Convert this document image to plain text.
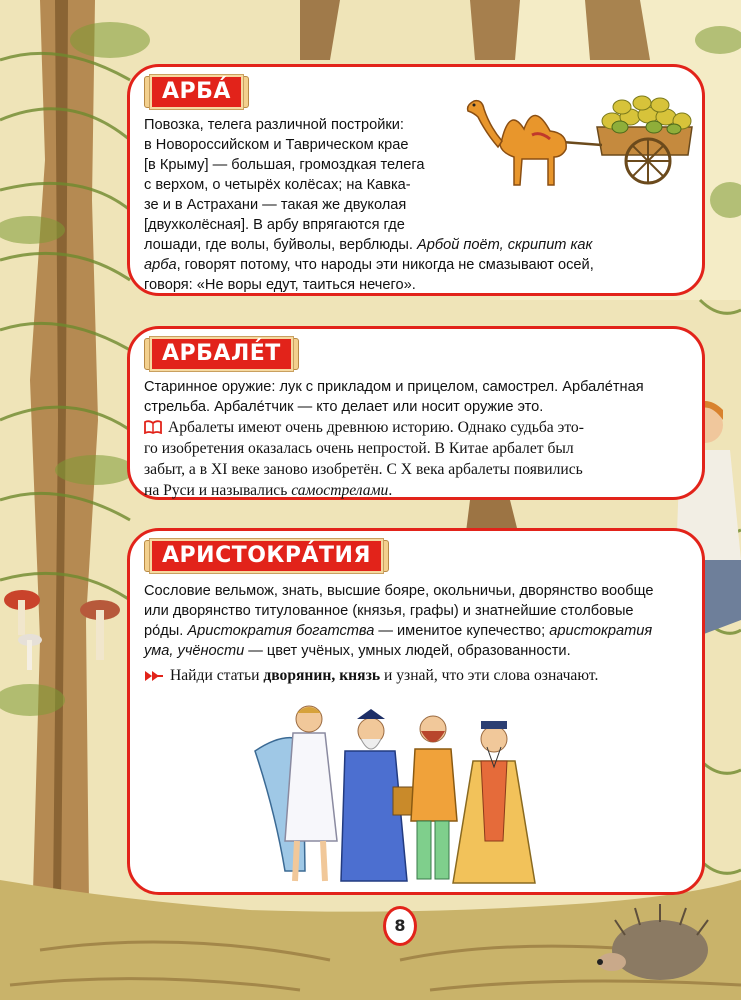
АРБА́
Повозка, телега различной постройки:
в Новороссийском и Таврическом крае
[в Крыму] — большая, громоздкая телега
с верхом, о четырёх колёсах; на Кавка-
зе и в Астрахани — такая же двуколая
[двухколёсная]. В арбу впрягаются где
лошади, где волы, буйволы, верблюды. Арбой поёт, скрипит как
арба, говорят потому, что народы эти никогда не смазывают осей,
говоря: «Не воры едут, таиться нечего».
АРБАЛЕ́Т
Старинное оружие: лук с прикладом и прицелом, самострел. Арбале́тная
стрельба. Арбале́тчик — кто делает или носит оружие это.
Арбалеты имеют очень древнюю историю. Однако судьба это-
го изобретения оказалась очень непростой. В Китае арбалет был
забыт, а в XI веке заново изобретён. С X века арбалеты появились
на Руси и назывались самострелами.
АРИСТОКРА́ТИЯ
Сословие вельмож, знать, высшие бояре, окольничьи, дворянство вообще
или дворянство титулованное (князья, графы) и знатнейшие столбовые
ро́ды. Аристократия богатства — именитое купечество; аристократия
ума, учёности — цвет учёных, умных людей, образованности.
Найди статьи дворянин, князь и узнай, что эти слова означают.
8
